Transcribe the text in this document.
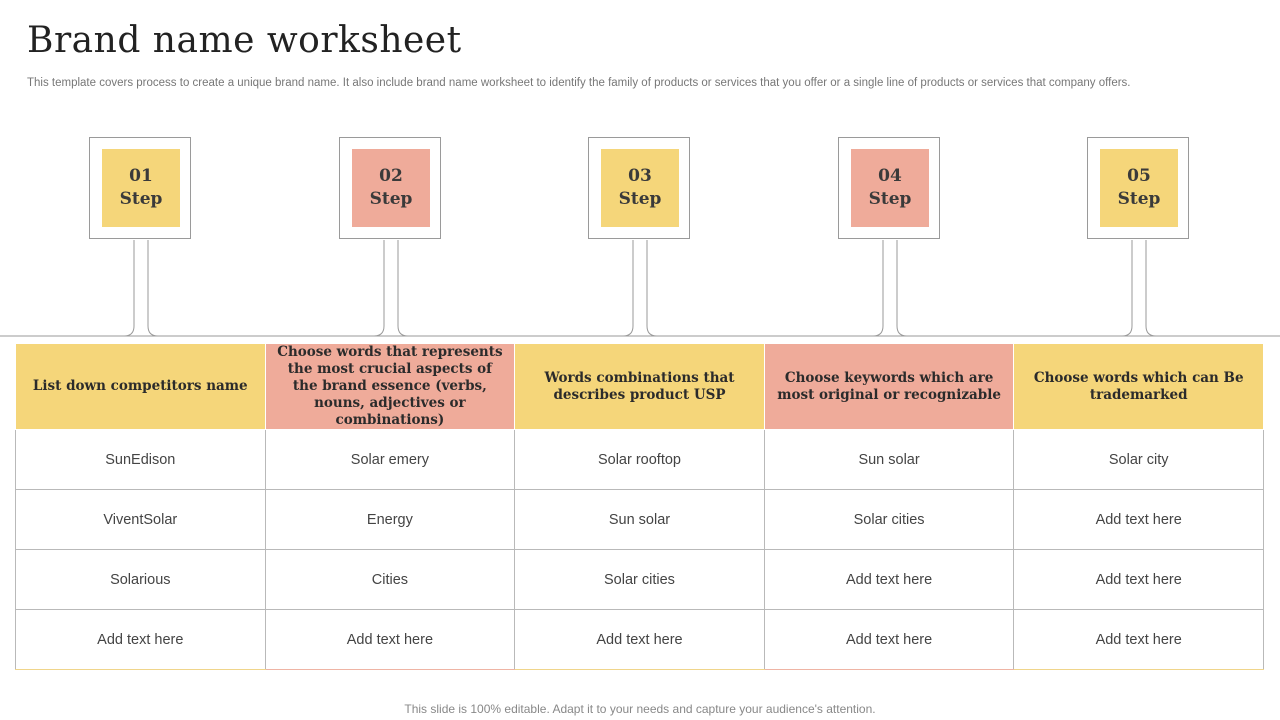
Brand name worksheet

This template covers process to create a unique brand name. It also include brand name worksheet to identify the family of products or services that you offer or a single line of products or services that company offers.

01
Step
02
Step
03
Step
04
Step
05
Step
List down competitors name	Choose words that represents the most crucial aspects of the brand essence (verbs, nouns, adjectives or combinations)	Words combinations that describes product USP	Choose keywords which are most original or recognizable	Choose words which can Be trademarked
SunEdison	Solar emery	Solar rooftop	Sun solar	Solar city
ViventSolar	Energy	Sun solar	Solar cities	Add text here
Solarious	Cities	Solar cities	Add text here	Add text here
Add text here	Add text here	Add text here	Add text here	Add text here

This slide is 100% editable. Adapt it to your needs and capture your audience's attention.
